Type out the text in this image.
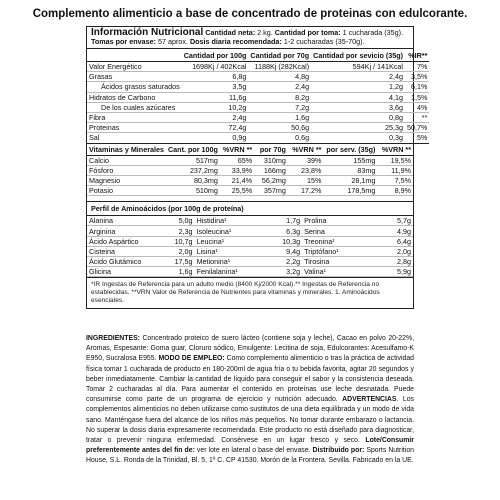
Complemento alimenticio a base de concentrado de proteinas con edulcorante.
Información Nutricional Cantidad neta: 2 kg. Cantidad por toma: 1 cucharada (35g).
Tomas por envase: 57 aprox. Dosis diaria recomendada: 1-2 cucharadas (35-70g).
	Cantidad por 100g	Cantidad por 70g	Cantidad por sevicio (35g)	%IR**
Valor Energético	1698Kj / 402Kcal	1188Kj (282Kcal)	594Kj / 141Kcal	7%
Grasas	6,8g	4,8g	2,4g	3,5%
Ácidos grasos saturados	3,5g	2,4g	1,2g	6,1%
Hidratos de Carbono	11,6g	8,2g	4,1g	1,5%
De los cuales azúcares	10,2g	7,2g	3,6g	4%
Fibra	2,4g	1,6g	0,8g	**
Proteinas	72,4g	50,6g	25,3g	50,7%
Sal	0,9g	0,6g	0,3g	5%
Vitaminas y Minerales	Cant. por 100g	%VRN **	por 70g	%VRN **	por serv. (35g)	%VRN **
Calcio	517mg	65%	310mg	39%	155mg	19,5%
Fósforo	237,2mg	33,9%	166mg	23,8%	83mg	11,9%
Magnesio	80,3mg	21,4%	56,2mg	15%	28,1mg	7,5%
Potasio	510mg	25,5%	357mg	17,2%	178,5mg	8,9%
Perfil de Aminoácidos (por 100g de proteína)
Alanina	5,0g	Histidina¹	1,7g	Prolina	5,7g
Arginina	2,3g	Isoleucina¹	6,3g	Serina	4,9g
Ácido Aspártico	10,7g	Leucina¹	10,3g	Treonina¹	6,4g
Cisteina	2,0g	Lisina¹	9,4g	Triptófano¹	2,0g
Ácido Glutámico	17,5g	Metionina¹	2,2g	Tirosina	2,8g
Glicina	1,6g	Fenilalanina¹	3,2g	Valina¹	5,9g
*IR Ingestas de Referencia para un adulto medio (8400 Kj/2000 Kcal).** Ingestas de Referencia no establecidas. **VRN Valor de Referencia de Nutrientes para vitaminas y minerales. 1. Aminoácidos esenciales.
INGREDIENTES: Concentrado proteico de suero lácteo (contiene soja y leche), Cacao en polvo 20-22%, Aromas, Espesante: Goma guar, Cloruro sódico, Emulgente: Lecitina de soja, Edulcorantes: Acesulfamo-K E950, Sucralosa E955. MODO DE EMPLEO: Como complemento alimenticio o tras la práctica de actividad física tomar 1 cucharada de producto en 180-200ml de agua fría o tu bebida favorita, agitar 20 segundos y beber inmediatamente. Cambiar la cantidad de líquido para conseguir el sabor y la consistencia deseada. Tomar 2 cucharadas al día. Para aumentar el contenido en proteínas use leche desnatada. Puede consumirse como parte de un programa de ejercicio y nutrición adecuado. ADVERTENCIAS. Los complementos alimenticios no deben utilizarse como sustitutos de una dieta equilibrada y un modo de vida sano. Manténgase fuera del alcance de los niños más pequeños. No tomar durante embarazo o lactancia. No superar la dosis diaria expresamente recomendada. Este producto no está diseñado para diagnosticar, tratar o prevenir ninguna enfermedad. Consérvese en un lugar fresco y seco. Lote/Consumir preferentemente antes del fin de: ver lote en lateral o base del envase. Distribuido por: Sports Nutrition House, S.L. Ronda de la Trinidad, Bl. 5, 1º C. CP 41530. Morón de la Frontera. Sevilla. Fabricado en la UE.
